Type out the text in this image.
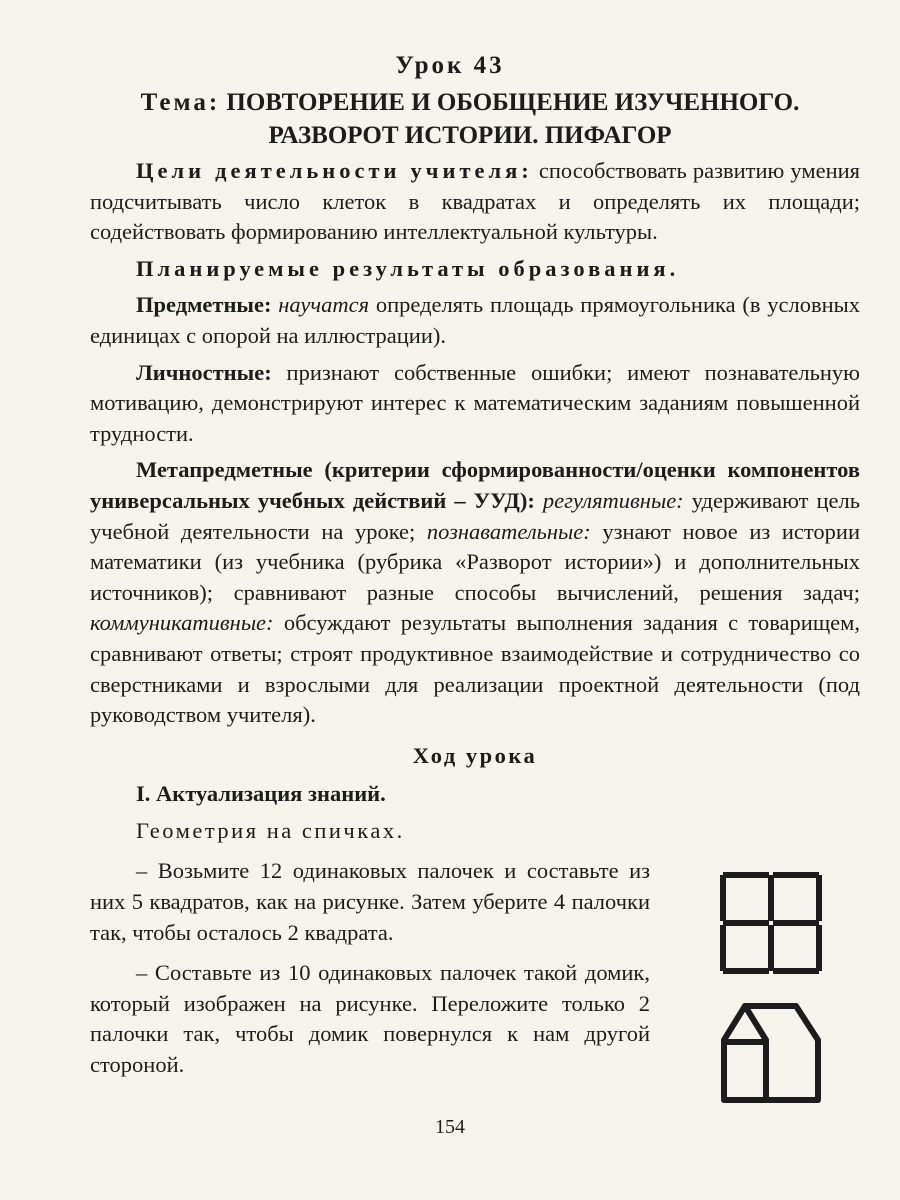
Урок 43
Тема: ПОВТОРЕНИЕ И ОБОБЩЕНИЕ ИЗУЧЕННОГО.
РАЗВОРОТ ИСТОРИИ. ПИФАГОР

Цели деятельности учителя: способствовать развитию умения подсчитывать число клеток в квадратах и определять их площади; содействовать формированию интеллектуальной культуры.

Планируемые результаты образования.

Предметные: научатся определять площадь прямоугольника (в условных единицах с опорой на иллюстрации).

Личностные: признают собственные ошибки; имеют познавательную мотивацию, демонстрируют интерес к математическим заданиям повышенной трудности.

Метапредметные (критерии сформированности/оценки компонентов универсальных учебных действий – УУД): регулятивные: удерживают цель учебной деятельности на уроке; познавательные: узнают новое из истории математики (из учебника (рубрика «Разворот истории») и дополнительных источников); сравнивают разные способы вычислений, решения задач; коммуникативные: обсуждают результаты выполнения задания с товарищем, сравнивают ответы; строят продуктивное взаимодействие и сотрудничество со сверстниками и взрослыми для реализации проектной деятельности (под руководством учителя).

Ход урока

I. Актуализация знаний.

Геометрия на спичках.

– Возьмите 12 одинаковых палочек и составьте из них 5 квадратов, как на рисунке. Затем уберите 4 палочки так, чтобы осталось 2 квадрата.

– Составьте из 10 одинаковых палочек такой домик, который изображен на рисунке. Переложите только 2 палочки так, чтобы домик повернулся к нам другой стороной.

154
